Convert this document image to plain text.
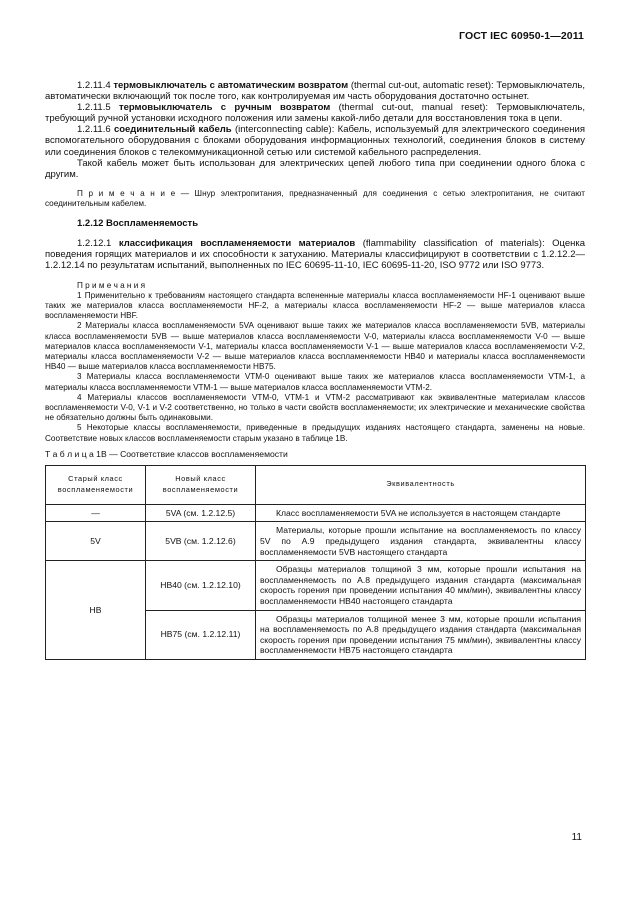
ГОСТ IEC 60950-1—2011

1.2.11.4 термовыключатель с автоматическим возвратом (thermal cut-out, automatic reset): Термовыключатель, автоматически включающий ток после того, как контролируемая им часть оборудования достаточно остынет.

1.2.11.5 термовыключатель с ручным возвратом (thermal cut-out, manual reset): Термовыключатель, требующий ручной установки исходного положения или замены какой-либо детали для восстановления тока в цепи.

1.2.11.6 соединительный кабель (interconnecting cable): Кабель, используемый для электрического соединения вспомогательного оборудования с блоками оборудования информационных технологий, соединения блоков в систему или соединения блоков с телекоммуникационной сетью или системой кабельного распределения.

Такой кабель может быть использован для электрических цепей любого типа при соединении одного блока с другим.

П р и м е ч а н и е — Шнур электропитания, предназначенный для соединения с сетью электропитания, не считают соединительным кабелем.

1.2.12 Воспламеняемость

1.2.12.1 классификация воспламеняемости материалов (flammability classification of materials): Оценка поведения горящих материалов и их способности к затуханию. Материалы классифицируют в соответствии с 1.2.12.2—1.2.12.14 по результатам испытаний, выполненных по IEC 60695-11-10, IEC 60695-11-20, ISO 9772 или ISO 9773.

П р и м е ч а н и я

1 Применительно к требованиям настоящего стандарта вспененные материалы класса воспламеняемости HF-1 оценивают выше таких же материалов класса воспламеняемости HF-2, а материалы класса воспламеняемости HF-2 — выше материалов класса воспламеняемости HBF.

2 Материалы класса воспламеняемости 5VA оценивают выше таких же материалов класса воспламеняемости 5VB, материалы класса воспламеняемости 5VB — выше материалов класса воспламеняемости V-0, материалы класса воспламеняемости V-0 — выше материалов класса воспламеняемости V-1, материалы класса воспламеняемости V-1 — выше материалов класса воспламеняемости V-2, материалы класса воспламеняемости V-2 — выше материалов класса воспламеняемости HB40 и материалы класса воспламеняемости HB40 — выше материалов класса воспламеняемости HB75.

3 Материалы класса воспламеняемости VTM-0 оценивают выше таких же материалов класса воспламеняемости VTM-1, а материалы класса воспламеняемости VTM-1 — выше материалов класса воспламеняемости VTM-2.

4 Материалы классов воспламеняемости VTM-0, VTM-1 и VTM-2 рассматривают как эквивалентные материалам классов воспламеняемости V-0, V-1 и V-2 соответственно, но только в части свойств воспламеняемости; их электрические и механические свойства не обязательно должны быть одинаковыми.

5 Некоторые классы воспламеняемости, приведенные в предыдущих изданиях настоящего стандарта, заменены на новые. Соответствие новых классов воспламеняемости старым указано в таблице 1В.

Т а б л и ц а 1В — Соответствие классов воспламеняемости

Старый класс воспламеняемости	Новый класс воспламеняемости	Эквивалентность
—	5VA (см. 1.2.12.5)	Класс воспламеняемости 5VA не используется в настоящем стандарте
5V	5VB (см. 1.2.12.6)	Материалы, которые прошли испытание на воспламеняемость по классу 5V по А.9 предыдущего издания стандарта, эквивалентны классу воспламеняемости 5VB настоящего стандарта
HB	HB40 (см. 1.2.12.10)	Образцы материалов толщиной 3 мм, которые прошли испытания на воспламеняемость по А.8 предыдущего издания стандарта (максимальная скорость горения при проведении испытания 40 мм/мин), эквивалентны классу воспламеняемости HB40 настоящего стандарта
	HB75 (см. 1.2.12.11)	Образцы материалов толщиной менее 3 мм, которые прошли испытания на воспламеняемость по А.8 предыдущего издания стандарта (максимальная скорость горения при проведении испытания 75 мм/мин), эквивалентны классу воспламеняемости HB75 настоящего стандарта
11
